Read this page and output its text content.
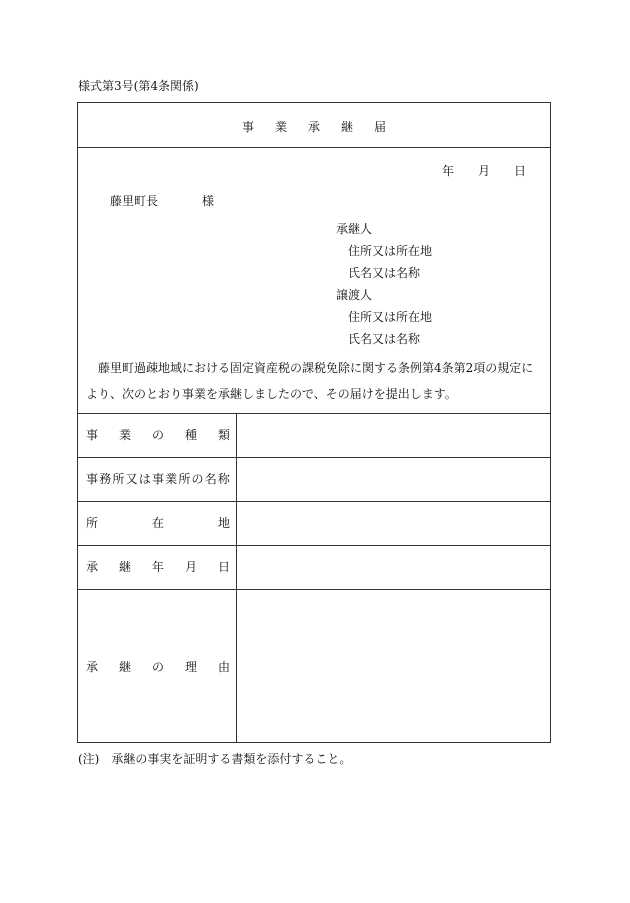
様式第3号(第4条関係)
事業承継届
年 月 日
藤里町長	様
承継人
住所又は所在地
氏名又は名称
譲渡人
住所又は所在地
氏名又は名称
藤里町過疎地域における固定資産税の課税免除に関する条例第4条第2項の規定により、次のとおり事業を承継しましたので、その届けを提出します。
事 業 の 種 類
事 務 所 又 は 事 業 所 の 名 称
所	在	地
承 継 年 月 日
承 継 の 理 由
(注)　承継の事実を証明する書類を添付すること。
